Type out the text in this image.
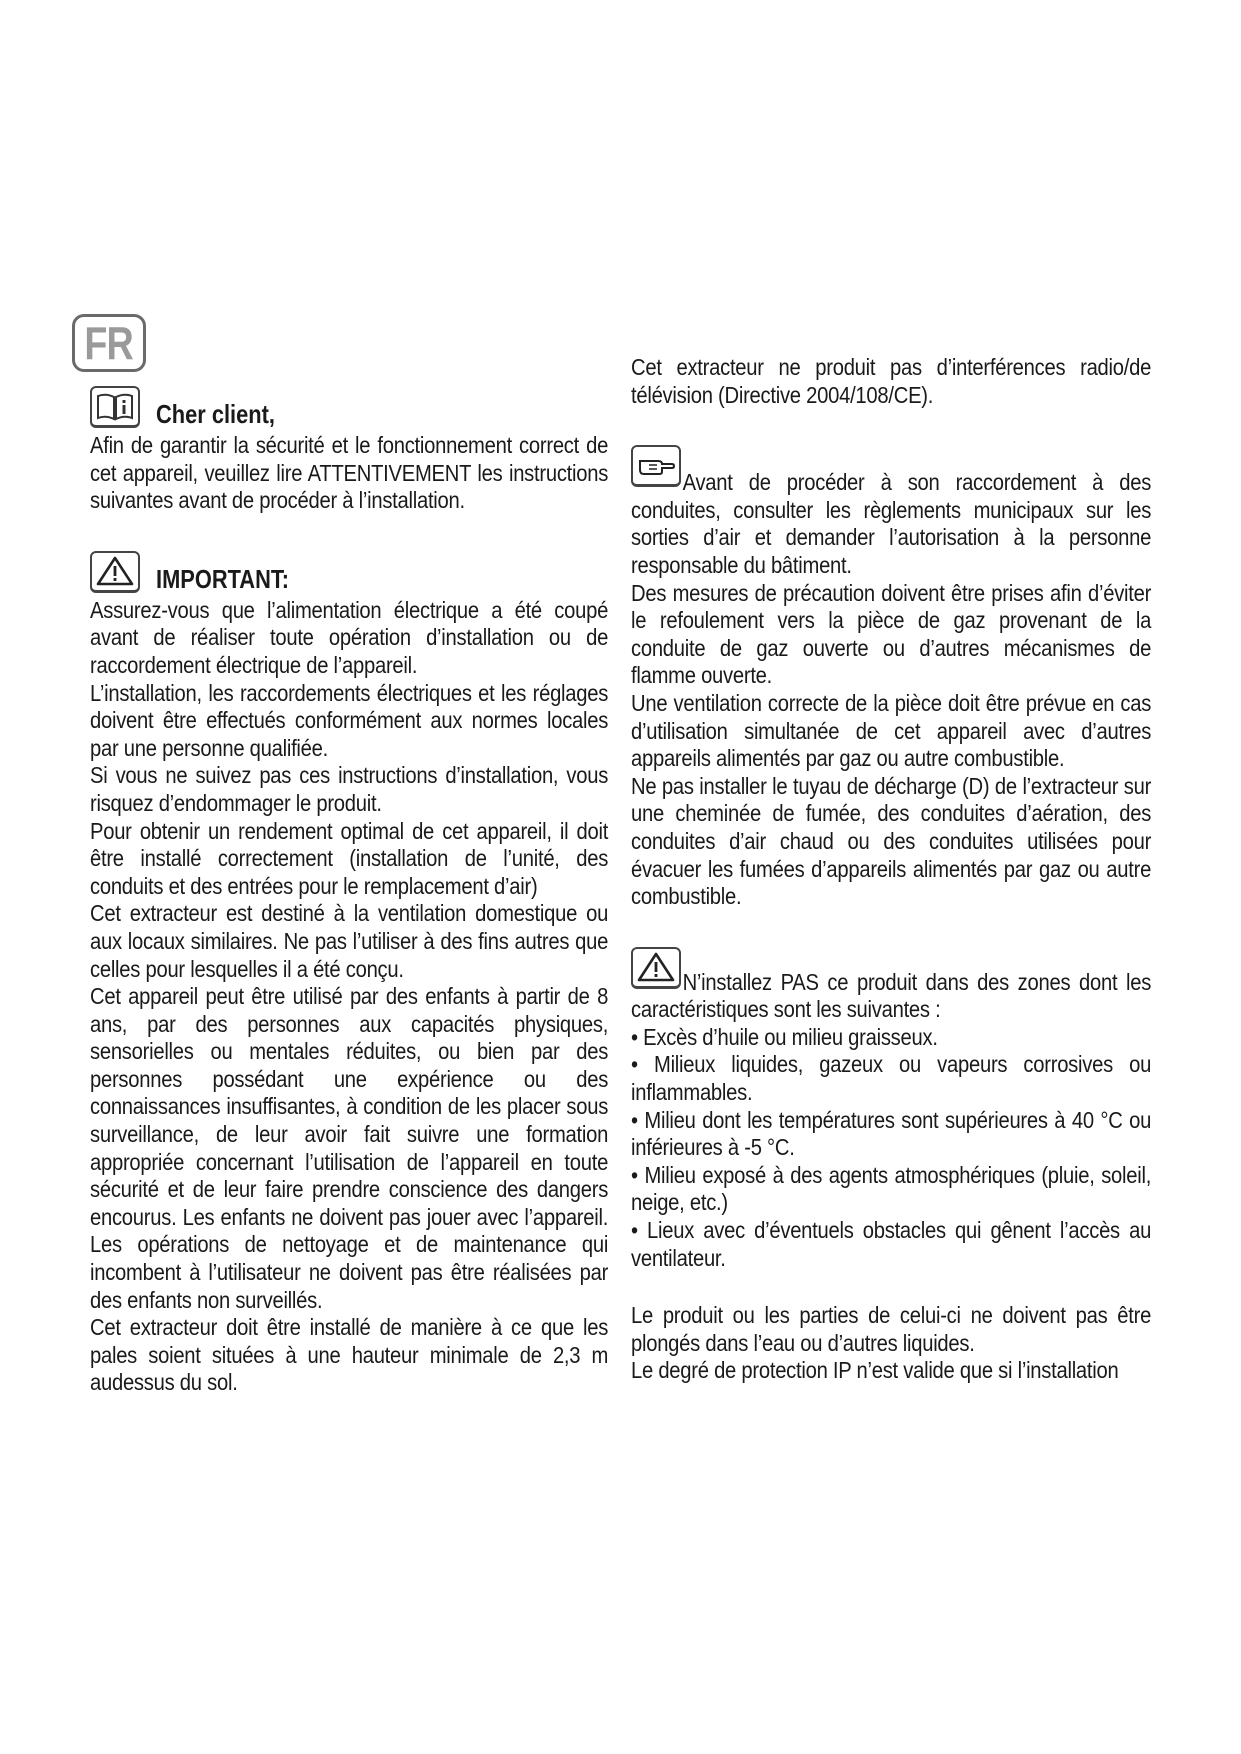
FR
Cher client,
Afin de garantir la sécurité et le fonctionnement correct de cet appareil, veuillez lire ATTENTIVEMENT les instructions suivantes avant de procéder à l’installation.
IMPORTANT:

Assurez-vous que l’alimentation électrique a été coupé avant de réaliser toute opération d’installation ou de raccordement électrique de l’appareil.

L’installation, les raccordements électriques et les réglages doivent être effectués conformément aux normes locales par une personne qualifiée.

Si vous ne suivez pas ces instructions d’installation, vous risquez d’endommager le produit.

Pour obtenir un rendement optimal de cet appareil, il doit être installé correctement (installation de l’unité, des conduits et des entrées pour le remplacement d’air)

Cet extracteur est destiné à la ventilation domestique ou aux locaux similaires. Ne pas l’utiliser à des fins autres que celles pour lesquelles il a été conçu.

Cet appareil peut être utilisé par des enfants à partir de 8 ans, par des personnes aux capacités physiques, sensorielles ou mentales réduites, ou bien par des personnes possédant une expérience ou des connaissances insuffisantes, à condition de les placer sous surveillance, de leur avoir fait suivre une formation appropriée concernant l’utilisation de l’appareil en toute sécurité et de leur faire prendre conscience des dangers encourus. Les enfants ne doivent pas jouer avec l’appareil. Les opérations de nettoyage et de maintenance qui incombent à l’utilisateur ne doivent pas être réalisées par des enfants non surveillés.

Cet extracteur doit être installé de manière à ce que les pales soient situées à une hauteur minimale de 2,3 m audessus du sol.

Cet extracteur ne produit pas d’interférences radio/de télévision (Directive 2004/108/CE).

Avant de procéder à son raccordement à des conduites, consulter les règlements municipaux sur les sorties d’air et demander l’autorisation à la personne responsable du bâtiment.

Des mesures de précaution doivent être prises afin d’éviter le refoulement vers la pièce de gaz provenant de la conduite de gaz ouverte ou d’autres mécanismes de flamme ouverte.

Une ventilation correcte de la pièce doit être prévue en cas d’utilisation simultanée de cet appareil avec d’autres appareils alimentés par gaz ou autre combustible.

Ne pas installer le tuyau de décharge (D) de l’extracteur sur une cheminée de fumée, des conduites d’aération, des conduites d’air chaud ou des conduites utilisées pour évacuer les fumées d’appareils alimentés par gaz ou autre combustible.

N’installez PAS ce produit dans des zones dont les caractéristiques sont les suivantes :

• Excès d’huile ou milieu graisseux.

• Milieux liquides, gazeux ou vapeurs corrosives ou inflammables.

• Milieu dont les températures sont supérieures à 40 °C ou inférieures à -5 °C.

• Milieu exposé à des agents atmosphériques (pluie, soleil, neige, etc.)

• Lieux avec d’éventuels obstacles qui gênent l’accès au ventilateur.

Le produit ou les parties de celui-ci ne doivent pas être plongés dans l’eau ou d’autres liquides.

Le degré de protection IP n’est valide que si l’installation
